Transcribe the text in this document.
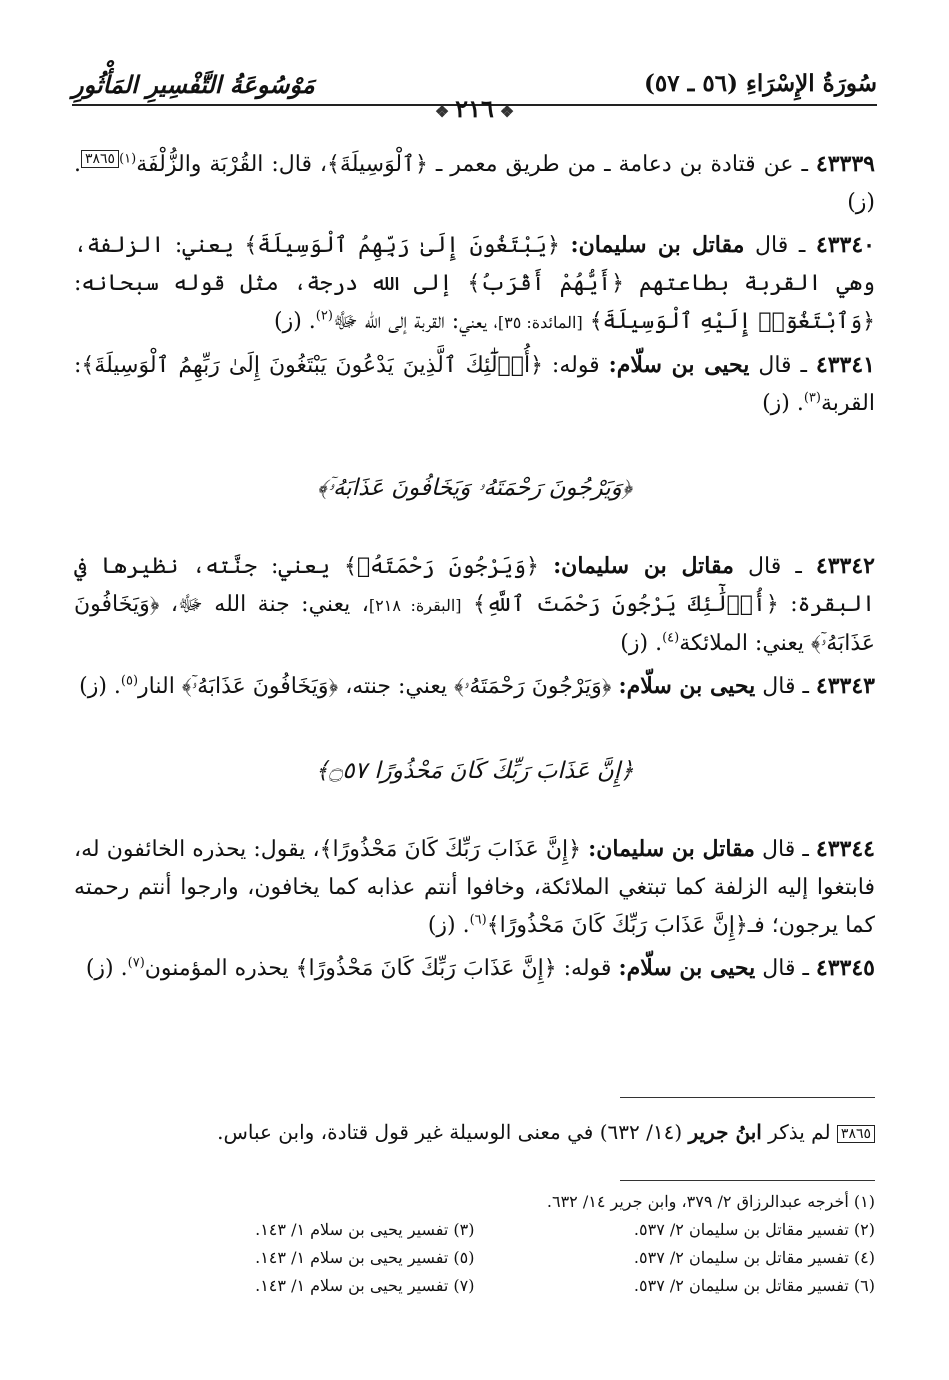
سُورَةُ الإِسْرَاءِ (٥٦ ـ ٥٧)
مَوْسُوعَةُ التَّفْسِيرِ المَأْثُورِ
❖٢١٦❖

٤٣٣٣٩ ـ عن قتادة بن دعامة ـ من طريق معمر ـ ﴿ٱلْوَسِيلَةَ﴾، قال: القُرْبَة والزُّلْفَة$^{(١)}$٣٨٦٥. (ز)

٤٣٣٤٠ ـ قال مقاتل بن سليمان: ﴿يَبْتَغُونَ إِلَىٰ رَبِّهِمُ ٱلْوَسِيلَةَ﴾ يعني: الزلفة، وهي القربة بطاعتهم ﴿أَيُّهُمْ أَقْرَبُ﴾ إلى الله درجة، مثل قوله سبحانه: ﴿وَٱبْتَغُوٓا۟ إِلَيْهِ ٱلْوَسِيلَةَ﴾ [المائدة: ٣٥]، يعني: القربة إلى الله ﷻ$^{(٢)}$. (ز)

٤٣٣٤١ ـ قال يحيى بن سلّام: قوله: ﴿أُو۟لَٰٓئِكَ ٱلَّذِينَ يَدْعُونَ يَبْتَغُونَ إِلَىٰ رَبِّهِمُ ٱلْوَسِيلَةَ﴾: القربة$^{(٣)}$. (ز)

﴿وَيَرْجُونَ رَحْمَتَهُۥ وَيَخَافُونَ عَذَابَهُۥٓ﴾

٤٣٣٤٢ ـ قال مقاتل بن سليمان: ﴿وَيَرْجُونَ رَحْمَتَهُۥ﴾ يعني: جنَّته، نظيرها في البقرة: ﴿أُو۟لَٰٓئِكَ يَرْجُونَ رَحْمَتَ ٱللَّهِ﴾ [البقرة: ٢١٨]، يعني: جنة الله ﷻ، ﴿وَيَخَافُونَ عَذَابَهُۥٓ﴾ يعني: الملائكة$^{(٤)}$. (ز)

٤٣٣٤٣ ـ قال يحيى بن سلّام: ﴿وَيَرْجُونَ رَحْمَتَهُۥ﴾ يعني: جنته، ﴿وَيَخَافُونَ عَذَابَهُۥٓ﴾ النار$^{(٥)}$. (ز)

﴿إِنَّ عَذَابَ رَبِّكَ كَانَ مَحْذُورًا ۝٥٧﴾

٤٣٣٤٤ ـ قال مقاتل بن سليمان: ﴿إِنَّ عَذَابَ رَبِّكَ كَانَ مَحْذُورًا﴾، يقول: يحذره الخائفون له، فابتغوا إليه الزلفة كما تبتغي الملائكة، وخافوا أنتم عذابه كما يخافون، وارجوا أنتم رحمته كما يرجون؛ فـ﴿إِنَّ عَذَابَ رَبِّكَ كَانَ مَحْذُورًا﴾$^{(٦)}$. (ز)

٤٣٣٤٥ ـ قال يحيى بن سلّام: قوله: ﴿إِنَّ عَذَابَ رَبِّكَ كَانَ مَحْذُورًا﴾ يحذره المؤمنون$^{(٧)}$. (ز)

٣٨٦٥ لم يذكر ابنُ جرير (١٤/ ٦٣٢) في معنى الوسيلة غير قول قتادة، وابن عباس.
(١) أخرجه عبدالرزاق ٢/ ٣٧٩، وابن جرير ١٤/ ٦٣٢.
(٢) تفسير مقاتل بن سليمان ٢/ ٥٣٧.
(٣) تفسير يحيى بن سلام ١/ ١٤٣.
(٤) تفسير مقاتل بن سليمان ٢/ ٥٣٧.
(٥) تفسير يحيى بن سلام ١/ ١٤٣.
(٦) تفسير مقاتل بن سليمان ٢/ ٥٣٧.
(٧) تفسير يحيى بن سلام ١/ ١٤٣.
